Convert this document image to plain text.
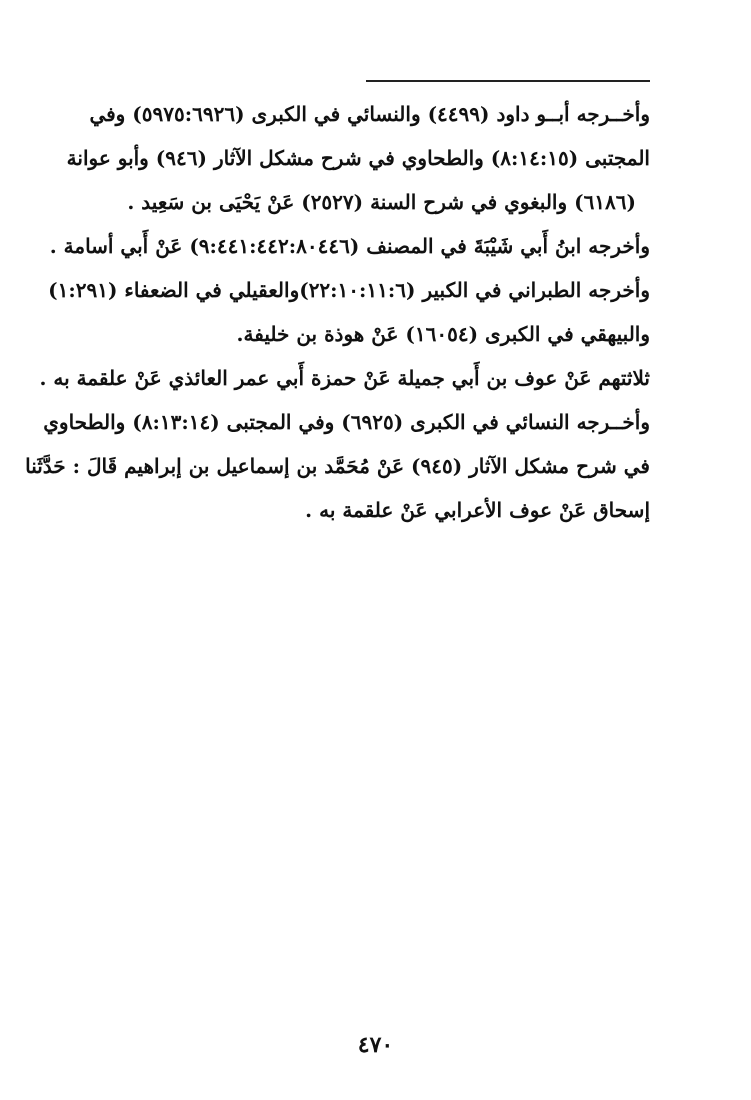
وأخــرجه أبــو داود (٤٤٩٩) والنسائي في الكبرى (٥٩٧٥:٦٩٢٦) وفي
المجتبى (٨:١٤:١٥) والطحاوي في شرح مشكل الآثار (٩٤٦) وأبو عوانة
(٦١٨٦) والبغوي في شرح السنة (٢٥٢٧) عَنْ يَحْيَى بن سَعِيد .
وأخرجه ابنُ أَبي شَيْبَةَ في المصنف (٩:٤٤١:٤٤٢:٨٠٤٤٦) عَنْ أَبي أسامة .
وأخرجه الطبراني في الكبير (٢٢:١٠:١١:٦)والعقيلي في الضعفاء (١:٢٩١)
والبيهقي في الكبرى (١٦٠٥٤) عَنْ هوذة بن خليفة.
ثلاثتهم عَنْ عوف بن أَبي جميلة عَنْ حمزة أَبي عمر العائذي عَنْ علقمة به .
وأخــرجه النسائي في الكبرى (٦٩٢٥) وفي المجتبى (٨:١٣:١٤) والطحاوي
في شرح مشكل الآثار (٩٤٥) عَنْ مُحَمَّد بن إسماعيل بن إبراهيم قَالَ : حَدَّثَنا
إسحاق عَنْ عوف الأعرابي عَنْ علقمة به .
٤٧٠
